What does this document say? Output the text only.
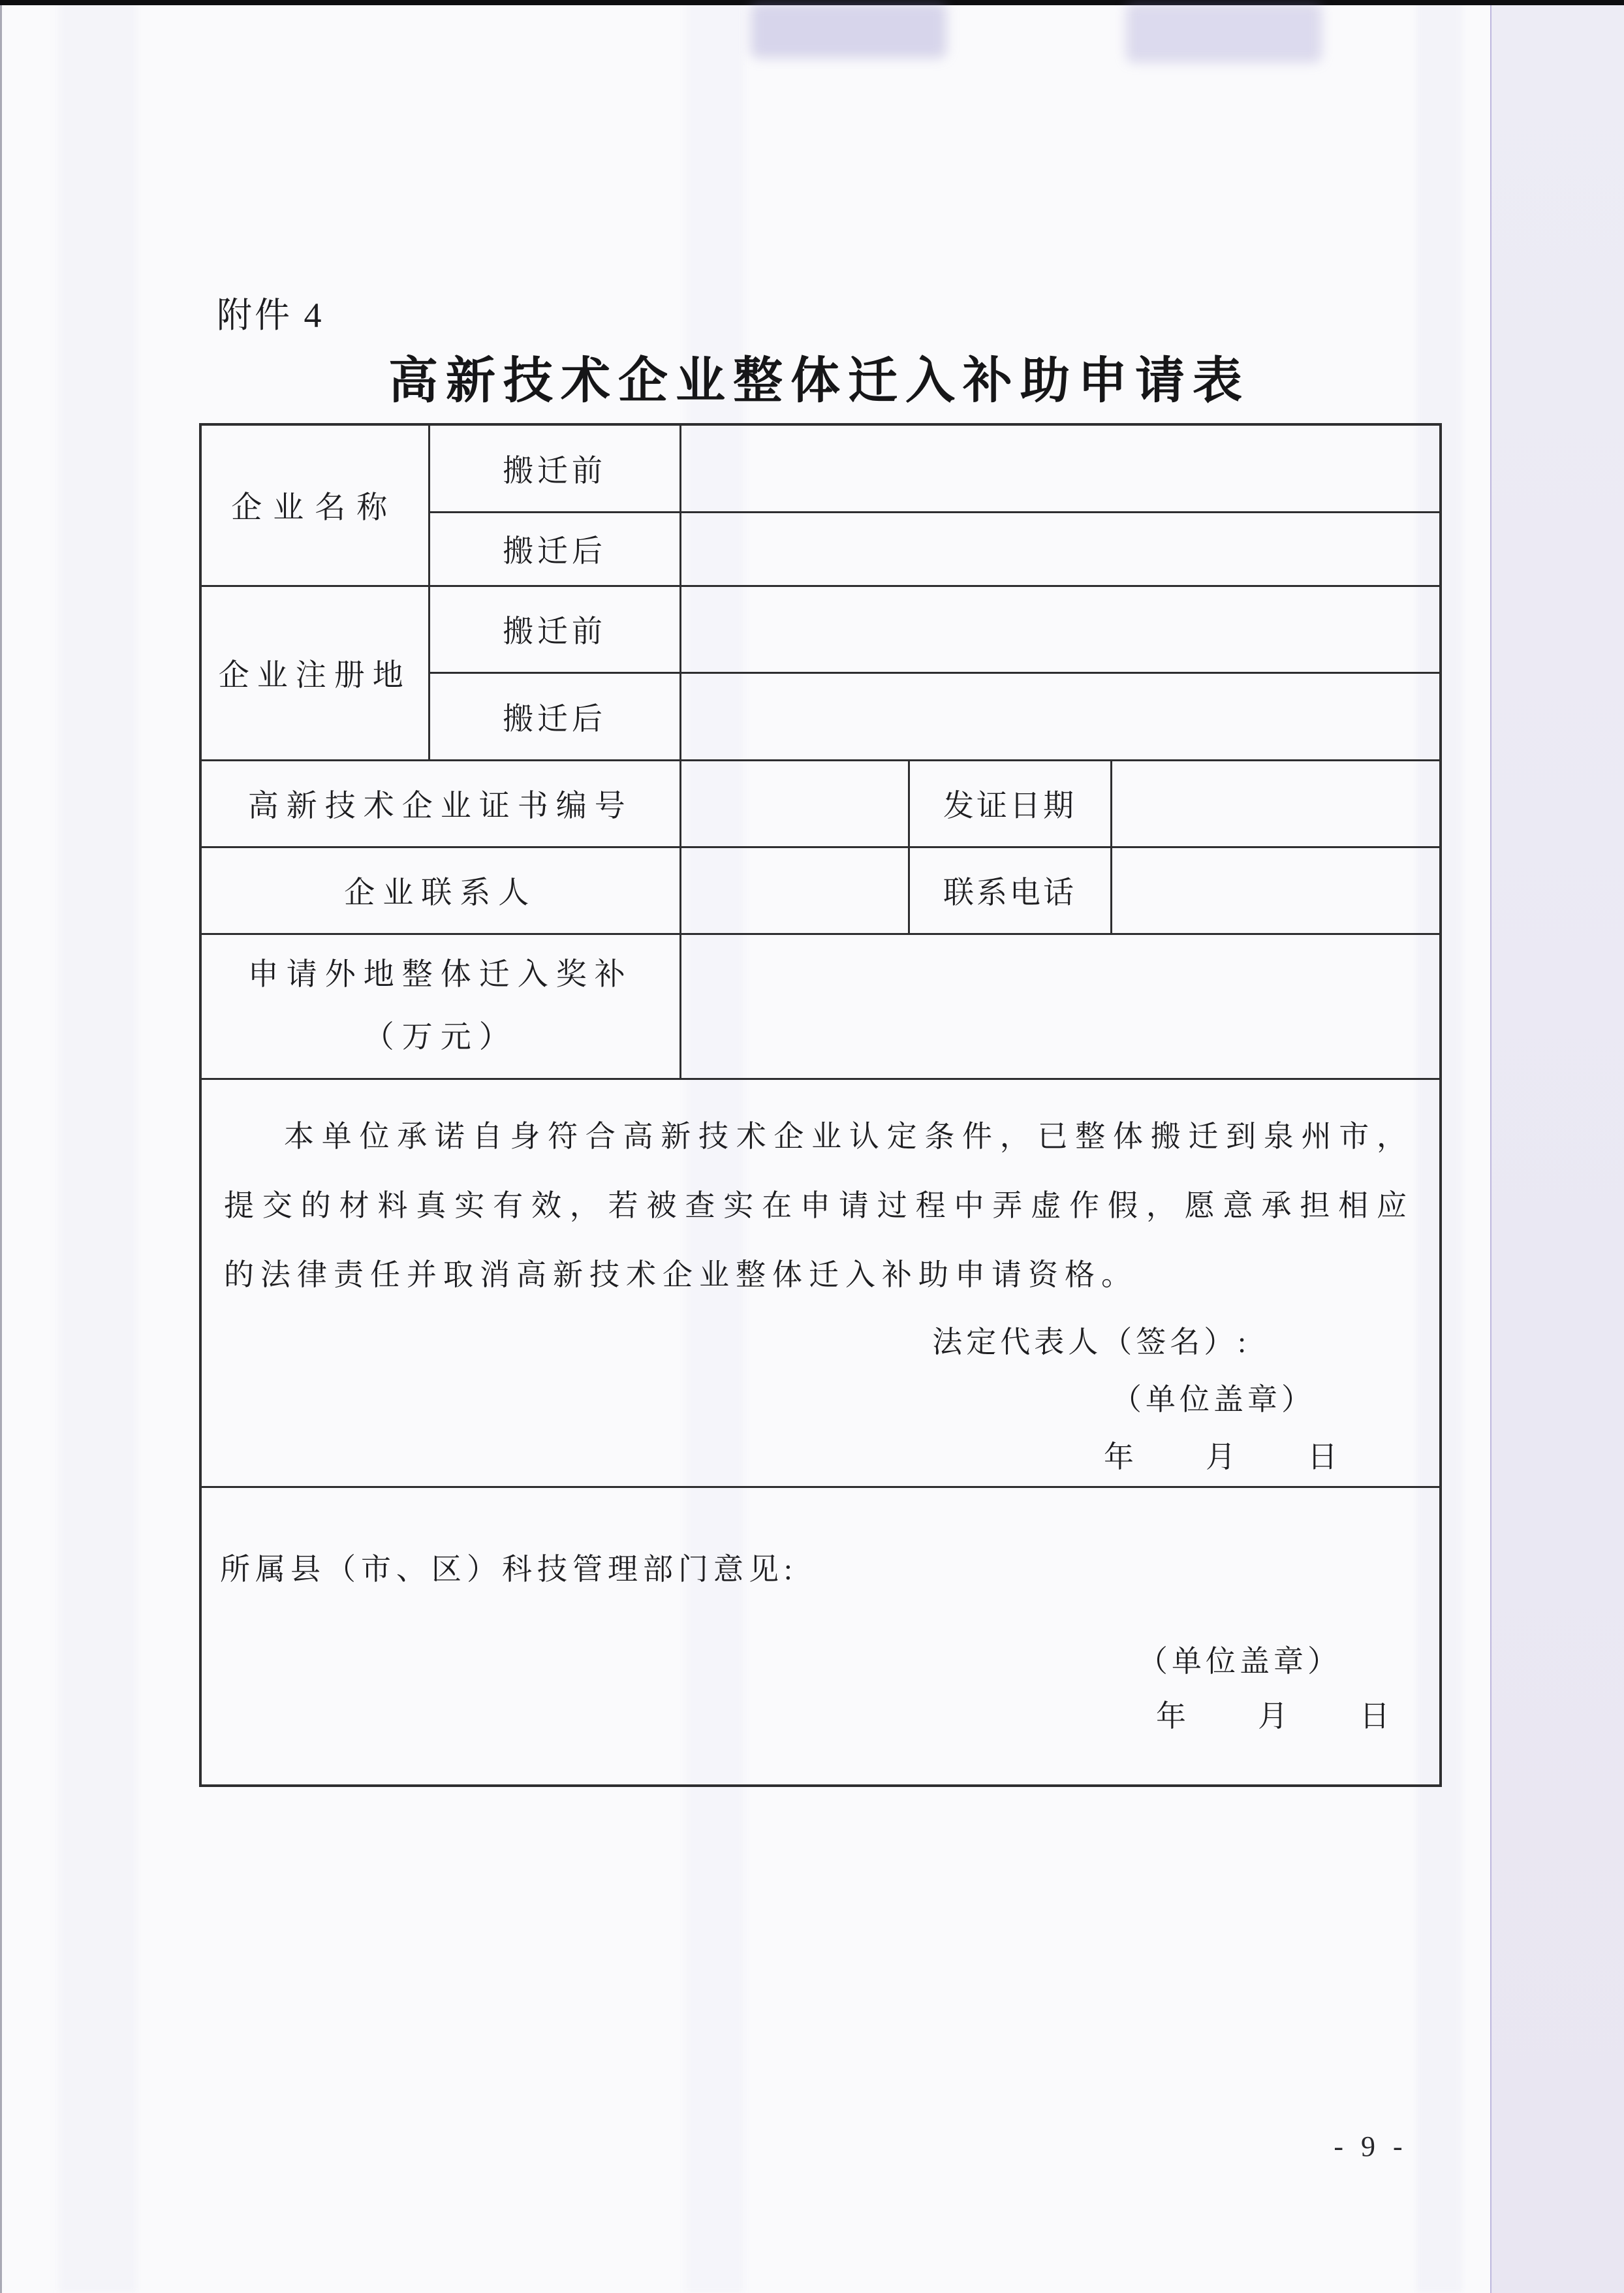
附件 4
高新技术企业整体迁入补助申请表
企业名称	搬迁前			
	搬迁后			
企业注册地	搬迁前			
	搬迁后			
高新技术企业证书编号			发证日期	
企业联系人			联系电话	

申请外地整体迁入奖补
（万元）				

本单位承诺自身符合高新技术企业认定条件，已整体搬迁到泉州市，
提交的材料真实有效，若被查实在申请过程中弄虚作假，愿意承担相应
的法律责任并取消高新技术企业整体迁入补助申请资格。
法定代表人（签名）:
（单位盖章）
年　　月　　日

所属县（市、区）科技管理部门意见:
（单位盖章）
年　　月　　日				
- 9 -
